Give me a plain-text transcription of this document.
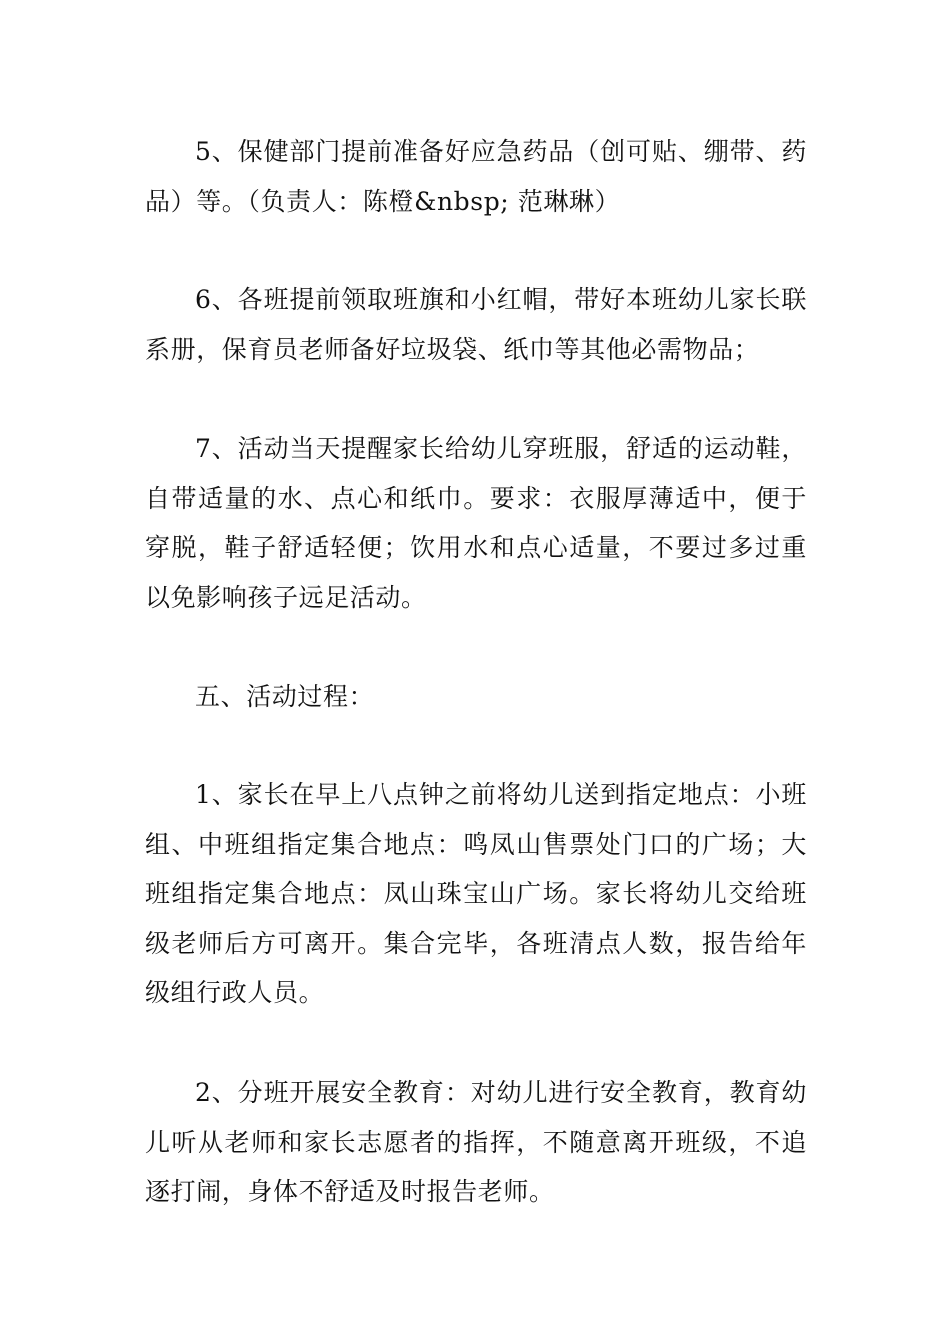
5、保健部门提前准备好应急药品（创可贴、绷带、药品）等。（负责人：陈橙&nbsp; 范琳琳）

6、各班提前领取班旗和小红帽，带好本班幼儿家长联系册，保育员老师备好垃圾袋、纸巾等其他必需物品；

7、活动当天提醒家长给幼儿穿班服，舒适的运动鞋，自带适量的水、点心和纸巾。要求：衣服厚薄适中，便于穿脱，鞋子舒适轻便；饮用水和点心适量，不要过多过重以免影响孩子远足活动。

五、活动过程：

1、家长在早上八点钟之前将幼儿送到指定地点：小班组、中班组指定集合地点：鸣凤山售票处门口的广场；大班组指定集合地点：凤山珠宝山广场。家长将幼儿交给班级老师后方可离开。集合完毕，各班清点人数，报告给年级组行政人员。

2、分班开展安全教育：对幼儿进行安全教育，教育幼儿听从老师和家长志愿者的指挥，不随意离开班级，不追逐打闹，身体不舒适及时报告老师。
